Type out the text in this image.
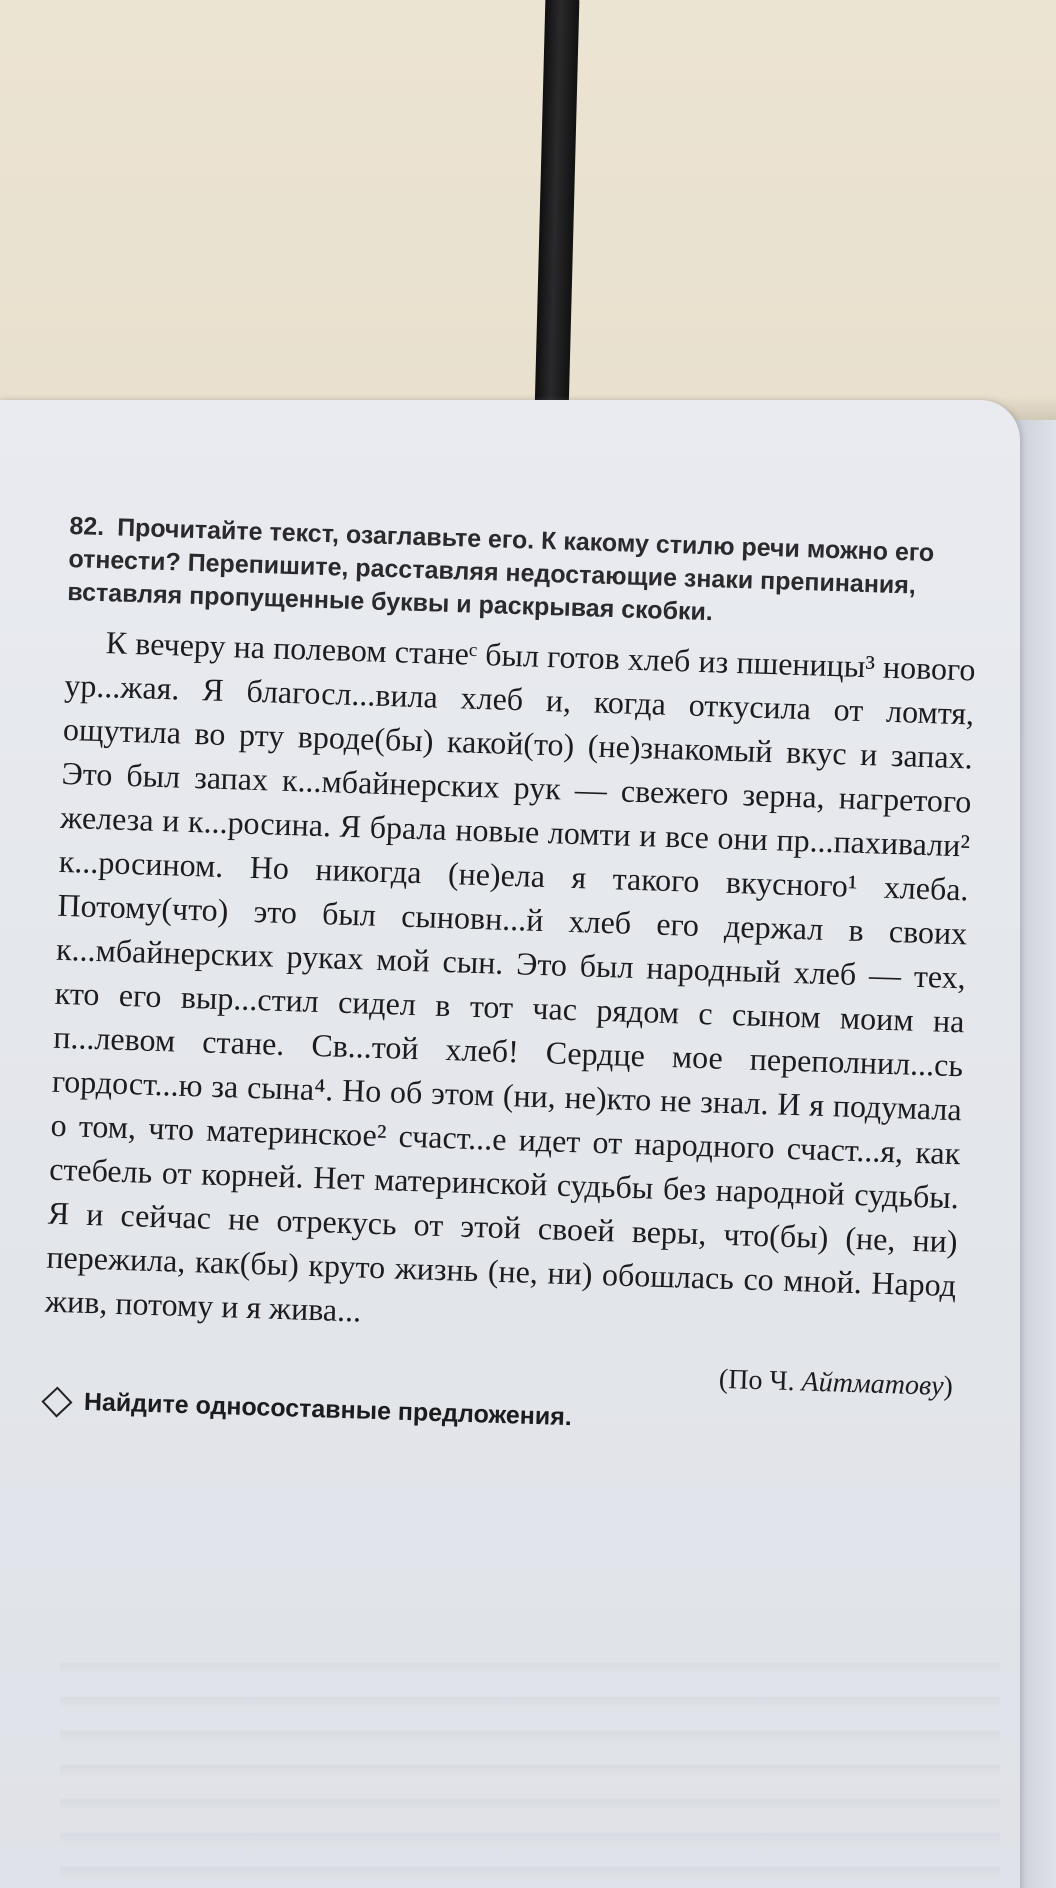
82. Прочитайте текст, озаглавьте его. К какому стилю речи можно его отнести? Перепишите, расставляя недостающие знаки препинания, вставляя пропущенные буквы и раскрывая скобки.

К вечеру на полевом станеᶜ был готов хлеб из пшеницы³ нового ур...жая. Я благосл...вила хлеб и, когда откусила от ломтя, ощутила во рту вроде(бы) какой(то) (не)знакомый вкус и запах. Это был запах к...мбайнерских рук — свежего зерна, нагретого железа и к...росина. Я брала новые ломти и все они пр...пахивали² к...росином. Но никогда (не)ела я такого вкусного¹ хлеба. Потому(что) это был сыновн...й хлеб его держал в своих к...мбайнерских руках мой сын. Это был народный хлеб — тех, кто его выр...стил сидел в тот час рядом с сыном моим на п...левом стане. Св...той хлеб! Сердце мое переполнил...сь гордост...ю за сына⁴. Но об этом (ни, не)кто не знал. И я подумала о том, что материнское² счаст...е идет от народного счаст...я, как стебель от корней. Нет материнской судьбы без народной судьбы. Я и сейчас не отрекусь от этой своей веры, что(бы) (не, ни) пережила, как(бы) круто жизнь (не, ни) обошлась со мной. Народ жив, потому и я жива...

(По Ч. Айтматову)
Найдите односоставные предложения.
